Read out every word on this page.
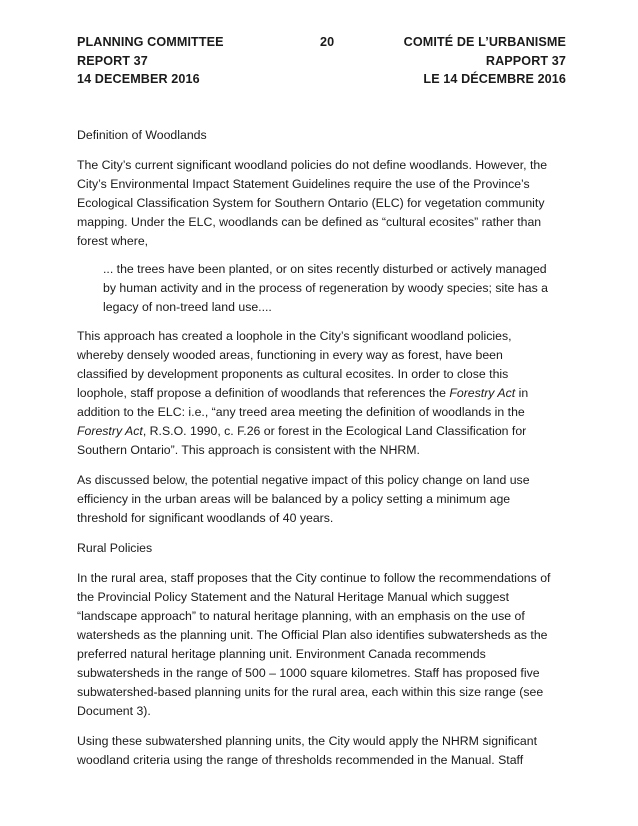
PLANNING COMMITTEE	20	COMITÉ DE L’URBANISME
REPORT 37	RAPPORT 37
14 DECEMBER 2016	LE 14 DÉCEMBRE 2016

Definition of Woodlands

The City’s current significant woodland policies do not define woodlands. However, the
City’s Environmental Impact Statement Guidelines require the use of the Province’s
Ecological Classification System for Southern Ontario (ELC) for vegetation community
mapping. Under the ELC, woodlands can be defined as “cultural ecosites” rather than
forest where,

... the trees have been planted, or on sites recently disturbed or actively managed
by human activity and in the process of regeneration by woody species; site has a
legacy of non-treed land use....

This approach has created a loophole in the City’s significant woodland policies,
whereby densely wooded areas, functioning in every way as forest, have been
classified by development proponents as cultural ecosites. In order to close this
loophole, staff propose a definition of woodlands that references the Forestry Act in
addition to the ELC: i.e., “any treed area meeting the definition of woodlands in the
Forestry Act, R.S.O. 1990, c. F.26 or forest in the Ecological Land Classification for
Southern Ontario”. This approach is consistent with the NHRM.

As discussed below, the potential negative impact of this policy change on land use
efficiency in the urban areas will be balanced by a policy setting a minimum age
threshold for significant woodlands of 40 years.

Rural Policies

In the rural area, staff proposes that the City continue to follow the recommendations of
the Provincial Policy Statement and the Natural Heritage Manual which suggest
“landscape approach” to natural heritage planning, with an emphasis on the use of
watersheds as the planning unit. The Official Plan also identifies subwatersheds as the
preferred natural heritage planning unit. Environment Canada recommends
subwatersheds in the range of 500 – 1000 square kilometres. Staff has proposed five
subwatershed-based planning units for the rural area, each within this size range (see
Document 3).

Using these subwatershed planning units, the City would apply the NHRM significant
woodland criteria using the range of thresholds recommended in the Manual. Staff
